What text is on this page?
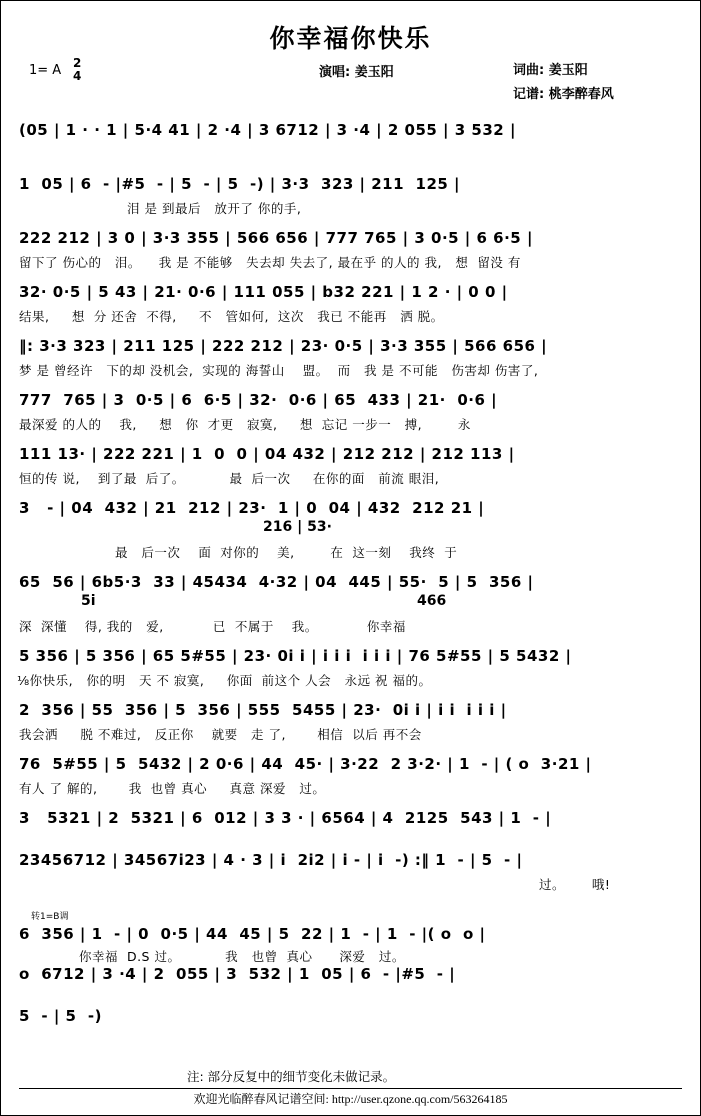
你幸福你快乐
1= A 2
4	演唱: 姜玉阳	词曲: 姜玉阳
记谱: 桃李醉春风
(05 | 1 · · 1 | 5·4 41 | 2 ·4 | 3 6712 | 3 ·4 | 2 055 | 3 532 |
1  05 | 6  - |#5  - | 5  - | 5  -) | 3·3  323 | 211  125 |
泪 是 到最后   放开了 你的手,
222 212 | 3 0 | 3·3 355 | 566 656 | 777 765 | 3 0·5 | 6 6·5 |
留下了 伤心的   泪。    我 是 不能够   失去却 失去了, 最在乎 的人的 我,   想  留没 有
32· 0·5 | 5 43 | 21· 0·6 | 111 055 | b32 221 | 1 2 · | 0 0 |
结果,     想  分 还舍  不得,     不   管如何,  这次   我已 不能再   洒 脱。
‖: 3·3 323 | 211 125 | 222 212 | 23· 0·5 | 3·3 355 | 566 656 |
梦 是 曾经许   下的却 没机会,  实现的 海誓山    盟。  而   我 是 不可能   伤害却 伤害了,
777  765 | 3  0·5 | 6  6·5 | 32·  0·6 | 65  433 | 21·  0·6 |
最深爱 的人的    我,     想   你  才更   寂寞,     想  忘记 一步一   搏,        永
111 13· | 222 221 | 1  0  0 | 04 432 | 212 212 | 212 113 |
恒的传 说,    到了最  后了。          最  后一次     在你的面   前流 眼泪,
3   - | 04  432 | 21  212 | 23·  1 | 0  04 | 432  212 21 |
216 | 53·
最   后一次    面  对你的    美,        在  这一刻    我终  于
65  56 | 6b5·3  33 | 45434  4·32 | 04  445 | 55·  5 | 5  356 |
5i	466
深  深懂    得, 我的   爱,           已  不属于    我。           你幸福
5 356 | 5 356 | 65 5#55 | 23· 0i i | i i i  i i i | 76 5#55 | 5 5432 |
⅛你快乐,   你的明   天 不 寂寞,     你面  前这个 人会   永远 祝 福的。
2  356 | 55  356 | 5  356 | 555  5455 | 23·  0i i | i i  i i i |
我会洒     脱 不难过,   反正你    就要   走 了,       相信  以后 再不会
76  5#55 | 5  5432 | 2 0·6 | 44  45· | 3·22  2 3·2· | 1  - | ( o  3·21 |
有人 了 解的,       我  也曾 真心     真意 深爱   过。
3   5321 | 2  5321 | 6  012 | 3 3 · | 6564 | 4  2125  543 | 1  - |
23456712 | 34567i23 | 4 · 3 | i  2i2 | i - | i  -) :‖ 1  - | 5  - |
过。      哦!
转1=B调
6  356 | 1  - | 0  0·5 | 44  45 | 5  22 | 1  - | 1  - |( o  o |
你幸福  D.S 过。          我   也曾  真心      深爱   过。
o  6712 | 3 ·4 | 2  055 | 3  532 | 1  05 | 6  - |#5  - |
5  - | 5  -)
注: 部分反复中的细节变化未做记录。
欢迎光临醉春风记谱空间: http://user.qzone.qq.com/563264185
